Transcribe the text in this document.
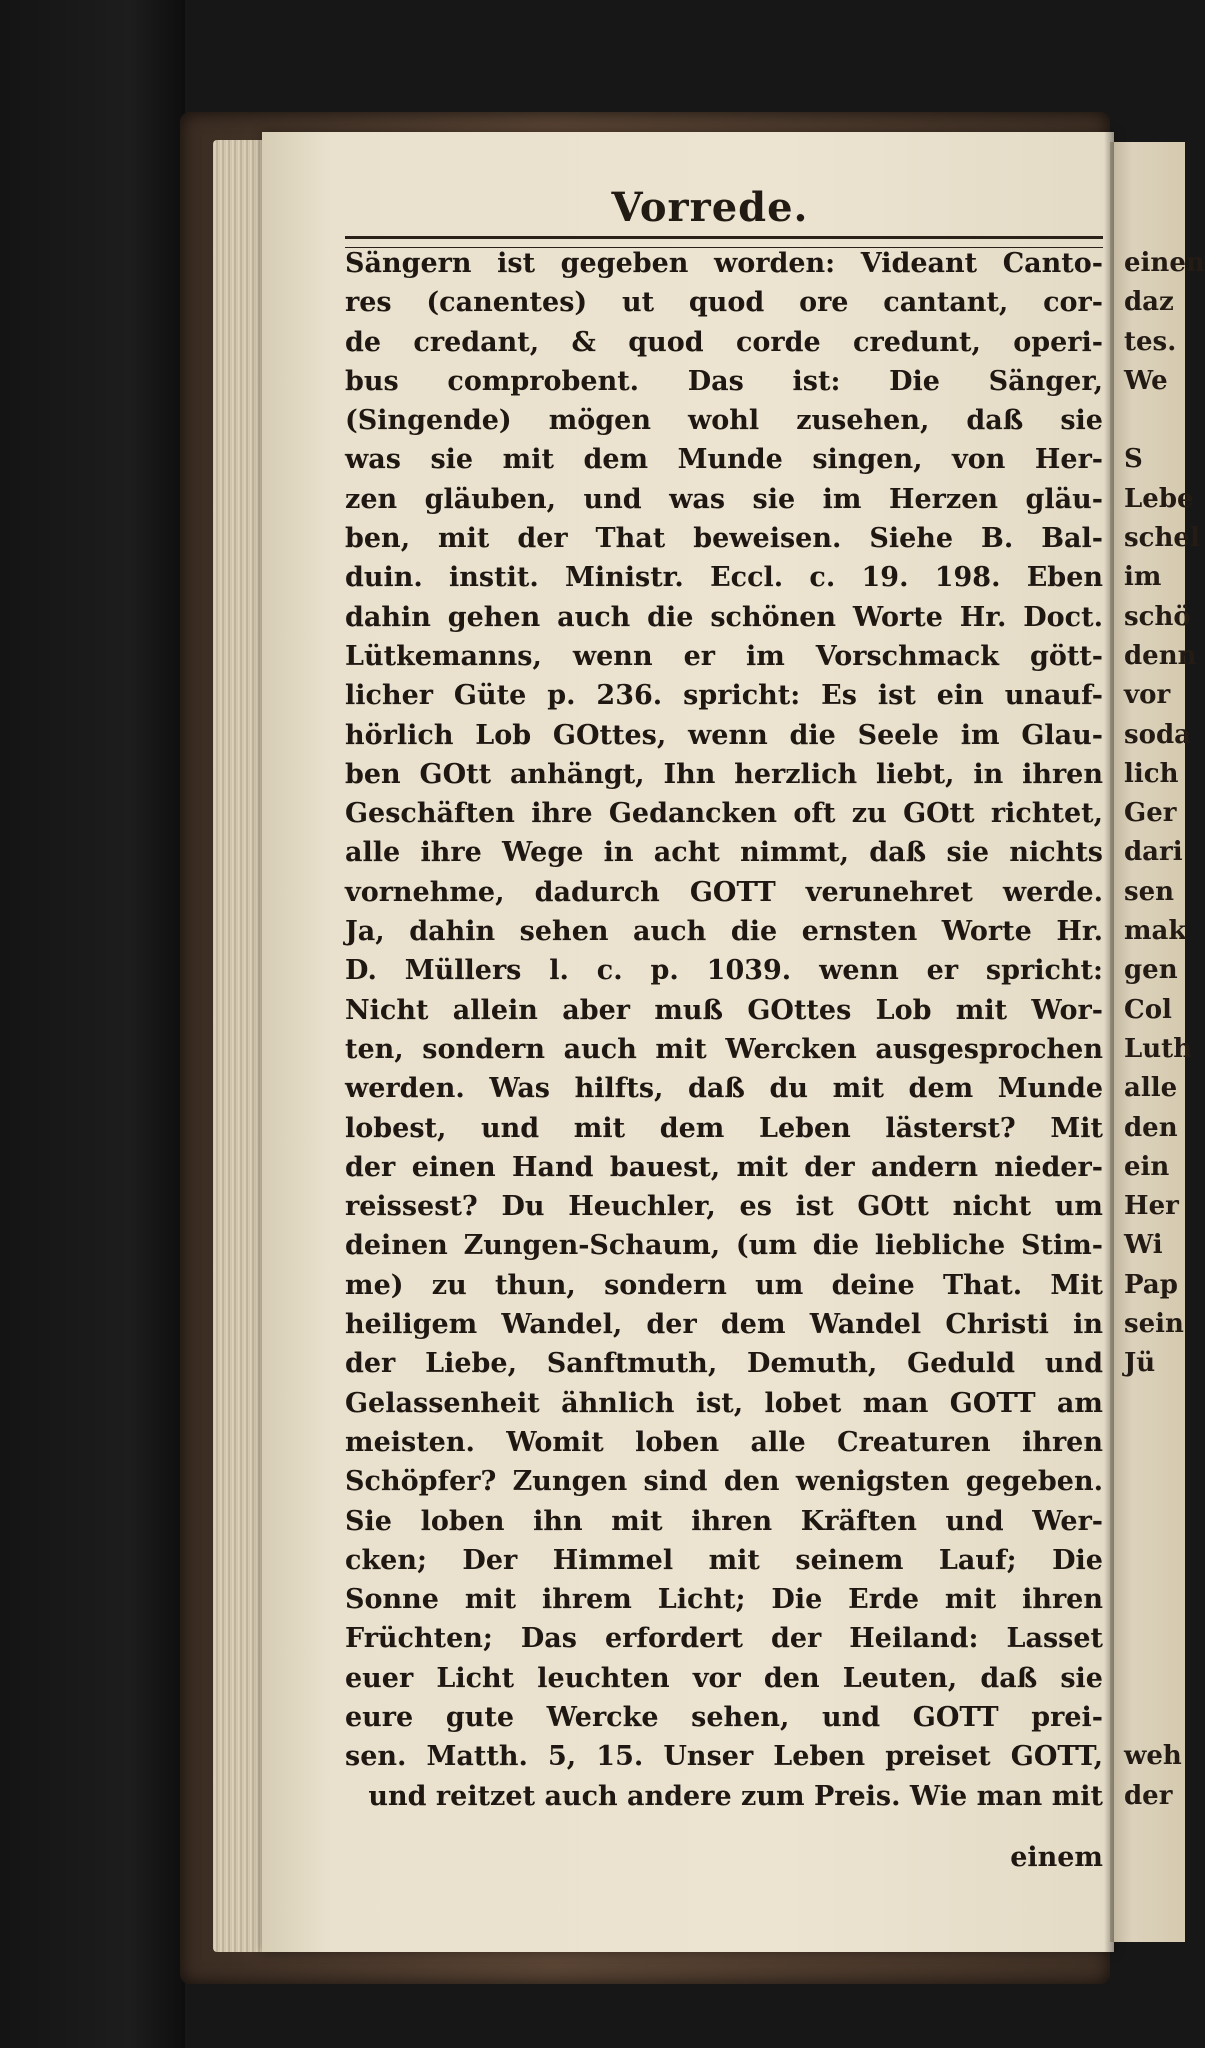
Vorrede.
Sängern ist gegeben worden: Videant Canto-
res (canentes) ut quod ore cantant, cor-
de credant, & quod corde credunt, operi-
bus comprobent. Das ist: Die Sänger,
(Singende) mögen wohl zusehen, daß sie
was sie mit dem Munde singen, von Her-
zen gläuben, und was sie im Herzen gläu-
ben, mit der That beweisen. Siehe B. Bal-
duin. instit. Ministr. Eccl. c. 19. 198. Eben
dahin gehen auch die schönen Worte Hr. Doct.
Lütkemanns, wenn er im Vorschmack gött-
licher Güte p. 236. spricht: Es ist ein unauf-
hörlich Lob GOttes, wenn die Seele im Glau-
ben GOtt anhängt, Ihn herzlich liebt, in ihren
Geschäften ihre Gedancken oft zu GOtt richtet,
alle ihre Wege in acht nimmt, daß sie nichts
vornehme, dadurch GOTT verunehret werde.
Ja, dahin sehen auch die ernsten Worte Hr.
D. Müllers l. c. p. 1039. wenn er spricht:
Nicht allein aber muß GOttes Lob mit Wor-
ten, sondern auch mit Wercken ausgesprochen
werden. Was hilfts, daß du mit dem Munde
lobest, und mit dem Leben lästerst? Mit
der einen Hand bauest, mit der andern nieder-
reissest? Du Heuchler, es ist GOtt nicht um
deinen Zungen-Schaum, (um die liebliche Stim-
me) zu thun, sondern um deine That. Mit
heiligem Wandel, der dem Wandel Christi in
der Liebe, Sanftmuth, Demuth, Geduld und
Gelassenheit ähnlich ist, lobet man GOTT am
meisten. Womit loben alle Creaturen ihren
Schöpfer? Zungen sind den wenigsten gegeben.
Sie loben ihn mit ihren Kräften und Wer-
cken; Der Himmel mit seinem Lauf; Die
Sonne mit ihrem Licht; Die Erde mit ihren
Früchten; Das erfordert der Heiland: Lasset
euer Licht leuchten vor den Leuten, daß sie
eure gute Wercke sehen, und GOTT prei-
sen. Matth. 5, 15. Unser Leben preiset GOTT,
und reitzet auch andere zum Preis. Wie man mit
einem
einen
daz
tes.
We
S
Lebe
schel
im
schö
denn
vor
soda
lich
Ger
dari
sen
mak
gen
Col
Luth
alle
den
ein
Her
Wi
Pap
sein
Jü
weh
der
